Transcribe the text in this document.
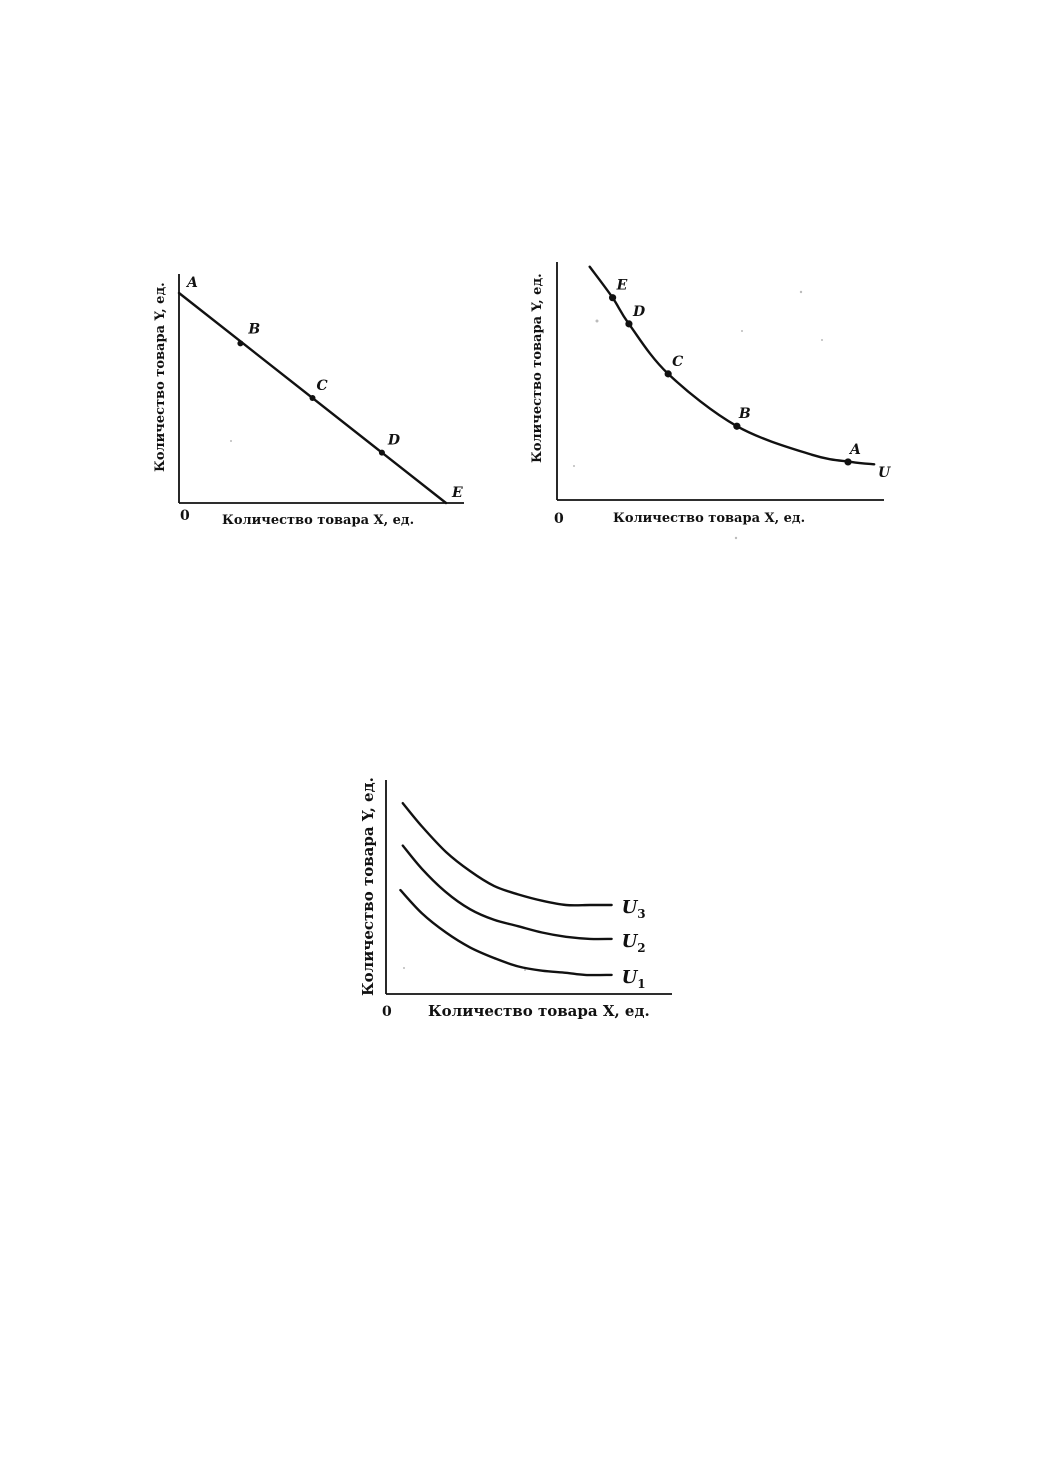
A
B
C
D
E
0 Количество товара X, ед.
Количество товара Y, ед.	E
D
C
B
A
U
0	Количество товара X, ед.
Количество товара Y, ед.
$U_3$
$U_2$
$U_1$
0 Количество товара X, ед.
Количество товара Y, ед.
